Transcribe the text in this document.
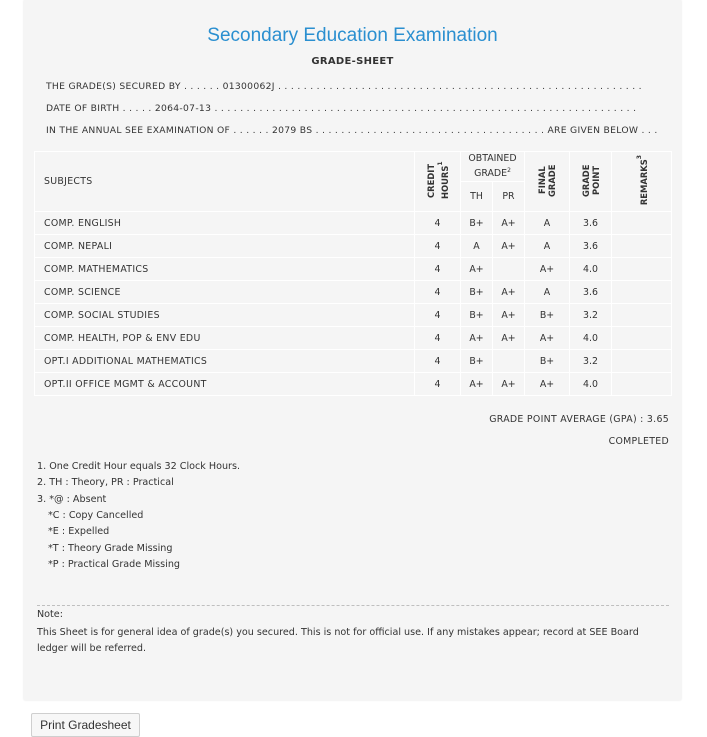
Secondary Education Examination
GRADE-SHEET
THE GRADE(S) SECURED BY . . . . . . 01300062J . . . . . . . . . . . . . . . . . . . . . . . . . . . . . . . . . . . . . . . . . . . . . . . . . . . . . . . . .
DATE OF BIRTH . . . . . 2064-07-13 . . . . . . . . . . . . . . . . . . . . . . . . . . . . . . . . . . . . . . . . . . . . . . . . . . . . . . . . . . . . . . . . . .
IN THE ANNUAL SEE EXAMINATION OF . . . . . . 2079 BS . . . . . . . . . . . . . . . . . . . . . . . . . . . . . . . . . . . . ARE GIVEN BELOW . . .
SUBJECTS	CREDIT HOURS$^1$	OBTAINED GRADE$^2$		FINAL GRADE	GRADE POINT	REMARKS$^3$
		TH	PR			
COMP. ENGLISH	4	B+	A+	A	3.6	
COMP. NEPALI	4	A	A+	A	3.6	
COMP. MATHEMATICS	4	A+		A+	4.0	
COMP. SCIENCE	4	B+	A+	A	3.6	
COMP. SOCIAL STUDIES	4	B+	A+	B+	3.2	
COMP. HEALTH, POP & ENV EDU	4	A+	A+	A+	4.0	
OPT.I ADDITIONAL MATHEMATICS	4	B+		B+	3.2	
OPT.II OFFICE MGMT & ACCOUNT	4	A+	A+	A+	4.0	
GRADE POINT AVERAGE (GPA) : 3.65
COMPLETED
1. One Credit Hour equals 32 Clock Hours.
2. TH : Theory, PR : Practical
3. *@ : Absent
*C : Copy Cancelled
*E : Expelled
*T : Theory Grade Missing
*P : Practical Grade Missing
Note:
This Sheet is for general idea of grade(s) you secured. This is not for official use. If any mistakes appear; record at SEE Board ledger will be referred.
Print Gradesheet
